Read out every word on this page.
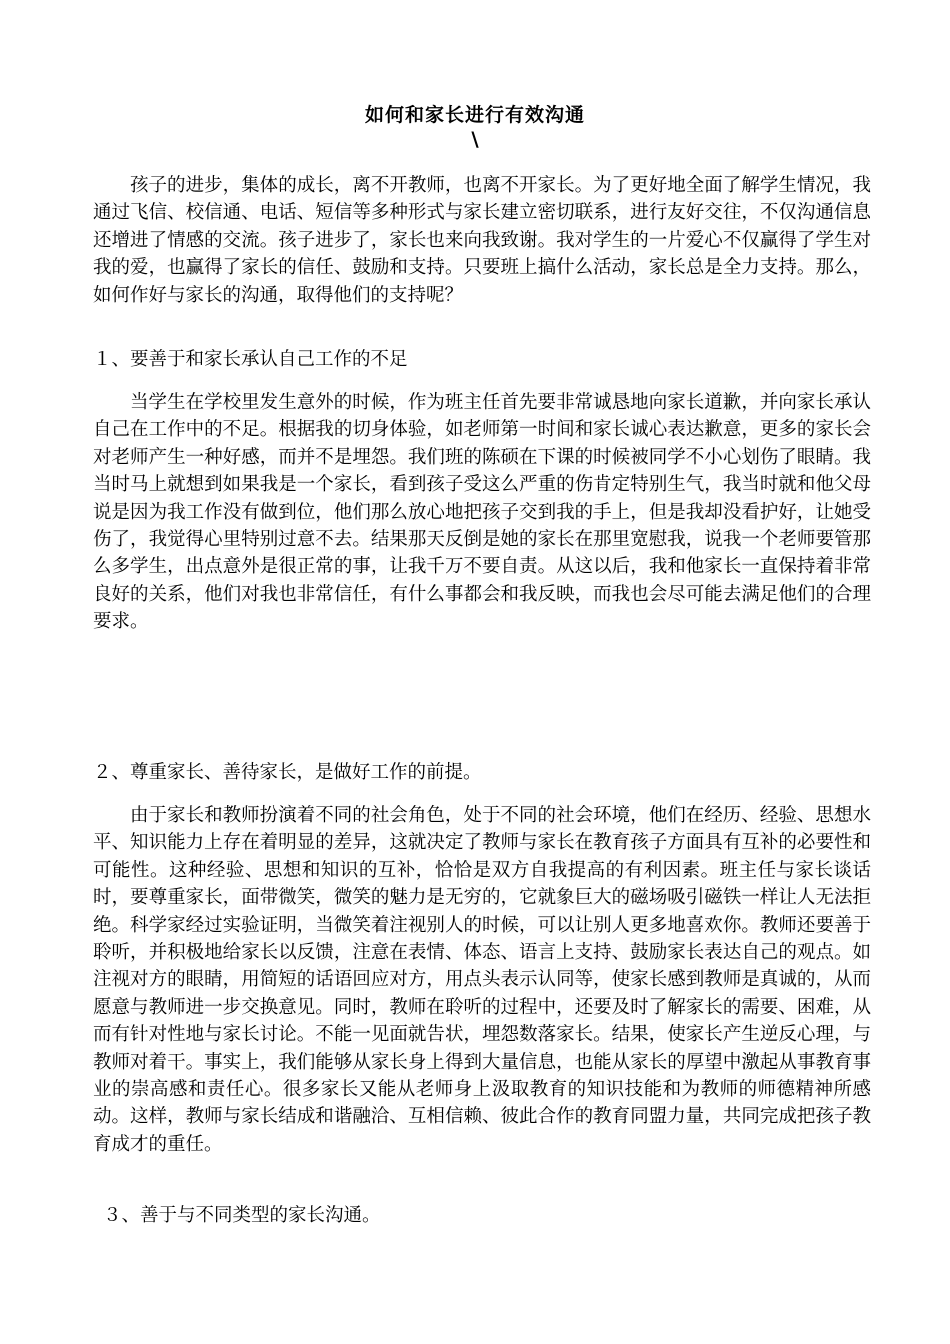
如何和家长进行有效沟通
\

孩子的进步，集体的成长，离不开教师，也离不开家长。为了更好地全面了解学生情况，我通过飞信、校信通、电话、短信等多种形式与家长建立密切联系，进行友好交往，不仅沟通信息还增进了情感的交流。孩子进步了，家长也来向我致谢。我对学生的一片爱心不仅赢得了学生对我的爱，也赢得了家长的信任、鼓励和支持。只要班上搞什么活动，家长总是全力支持。那么，如何作好与家长的沟通，取得他们的支持呢？

１、要善于和家长承认自己工作的不足

当学生在学校里发生意外的时候，作为班主任首先要非常诚恳地向家长道歉，并向家长承认自己在工作中的不足。根据我的切身体验，如老师第一时间和家长诚心表达歉意，更多的家长会对老师产生一种好感，而并不是埋怨。我们班的陈硕在下课的时候被同学不小心划伤了眼睛。我当时马上就想到如果我是一个家长，看到孩子受这么严重的伤肯定特别生气，我当时就和他父母说是因为我工作没有做到位，他们那么放心地把孩子交到我的手上，但是我却没看护好，让她受伤了，我觉得心里特别过意不去。结果那天反倒是她的家长在那里宽慰我，说我一个老师要管那么多学生，出点意外是很正常的事，让我千万不要自责。从这以后，我和他家长一直保持着非常良好的关系，他们对我也非常信任，有什么事都会和我反映，而我也会尽可能去满足他们的合理要求。

２、尊重家长、善待家长，是做好工作的前提。

由于家长和教师扮演着不同的社会角色，处于不同的社会环境，他们在经历、经验、思想水平、知识能力上存在着明显的差异，这就决定了教师与家长在教育孩子方面具有互补的必要性和可能性。这种经验、思想和知识的互补，恰恰是双方自我提高的有利因素。班主任与家长谈话时，要尊重家长，面带微笑，微笑的魅力是无穷的，它就象巨大的磁场吸引磁铁一样让人无法拒绝。科学家经过实验证明，当微笑着注视别人的时候，可以让别人更多地喜欢你。教师还要善于聆听，并积极地给家长以反馈，注意在表情、体态、语言上支持、鼓励家长表达自己的观点。如注视对方的眼睛，用简短的话语回应对方，用点头表示认同等，使家长感到教师是真诚的，从而愿意与教师进一步交换意见。同时，教师在聆听的过程中，还要及时了解家长的需要、困难，从而有针对性地与家长讨论。不能一见面就告状，埋怨数落家长。结果，使家长产生逆反心理，与教师对着干。事实上，我们能够从家长身上得到大量信息，也能从家长的厚望中激起从事教育事业的崇高感和责任心。很多家长又能从老师身上汲取教育的知识技能和为教师的师德精神所感动。这样，教师与家长结成和谐融洽、互相信赖、彼此合作的教育同盟力量，共同完成把孩子教育成才的重任。

３、善于与不同类型的家长沟通。
